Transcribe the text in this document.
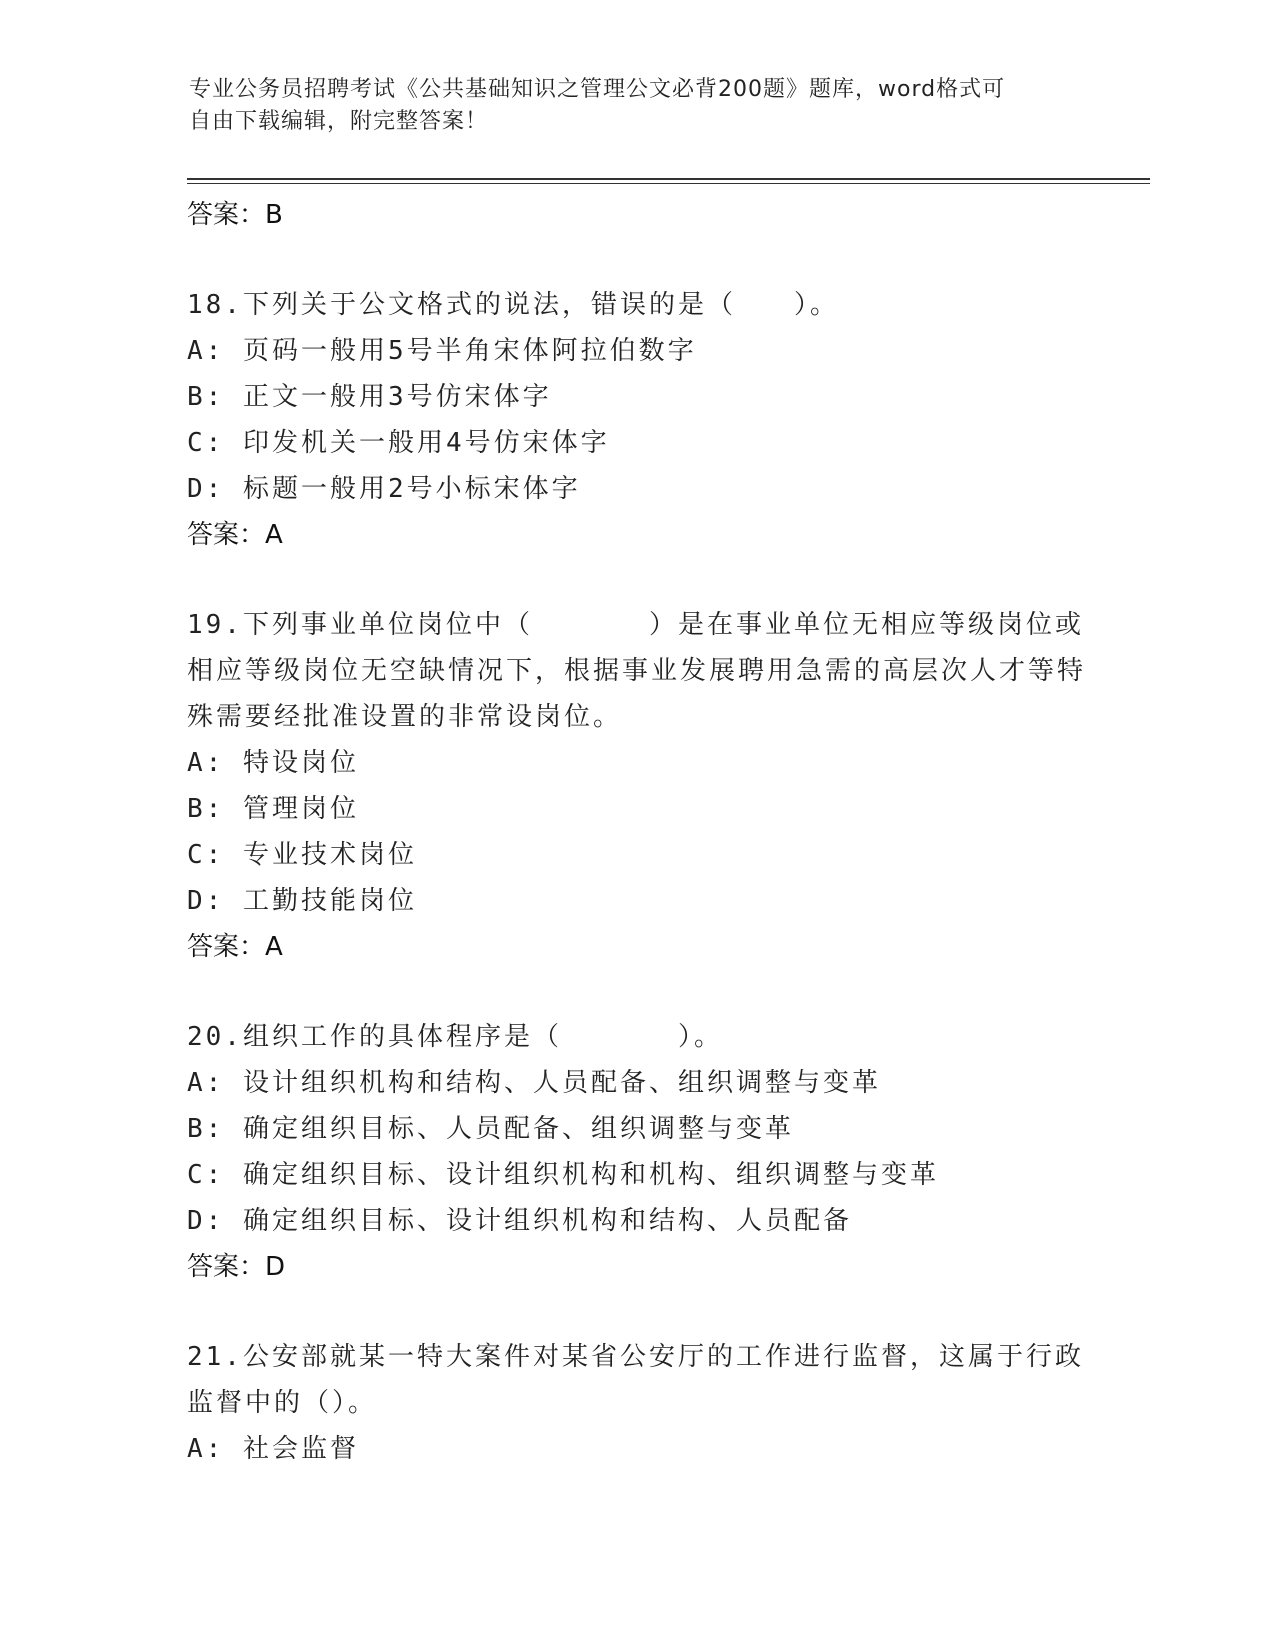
专业公务员招聘考试《公共基础知识之管理公文必背200题》题库，word格式可
自由下载编辑，附完整答案！

答案：B

18.下列关于公文格式的说法，错误的是（　　）。

A: 页码一般用5号半角宋体阿拉伯数字

B: 正文一般用3号仿宋体字

C: 印发机关一般用4号仿宋体字

D: 标题一般用2号小标宋体字

答案：A

19.下列事业单位岗位中（　　　　）是在事业单位无相应等级岗位或相应等级岗位无空缺情况下，根据事业发展聘用急需的高层次人才等特殊需要经批准设置的非常设岗位。

A: 特设岗位

B: 管理岗位

C: 专业技术岗位

D: 工勤技能岗位

答案：A

20.组织工作的具体程序是（　　　　）。

A: 设计组织机构和结构、人员配备、组织调整与变革

B: 确定组织目标、人员配备、组织调整与变革

C: 确定组织目标、设计组织机构和机构、组织调整与变革

D: 确定组织目标、设计组织机构和结构、人员配备

答案：D

21.公安部就某一特大案件对某省公安厅的工作进行监督，这属于行政监督中的（）。

A: 社会监督
